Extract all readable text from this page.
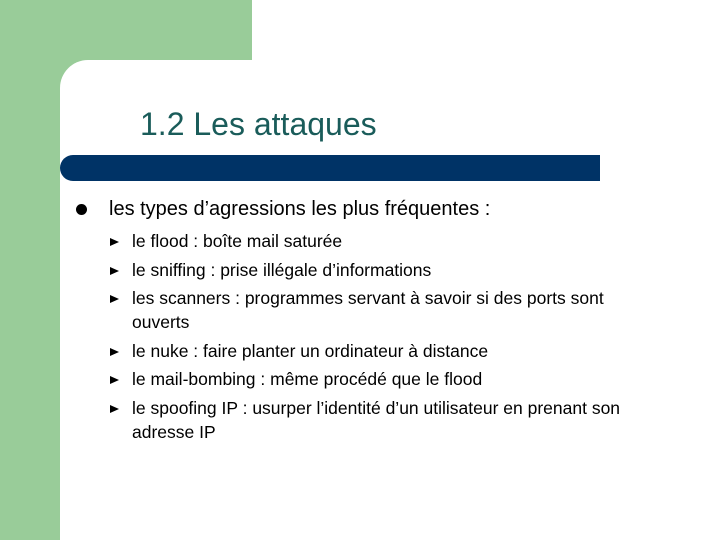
1.2 Les attaques
les types d’agressions les plus fréquentes :
le flood : boîte mail saturée
le sniffing : prise illégale d’informations
les scanners : programmes servant à savoir si des ports sont ouverts
le nuke : faire planter un ordinateur à distance
le mail-bombing : même procédé que le flood
le spoofing IP : usurper l’identité d’un utilisateur en prenant son adresse IP
